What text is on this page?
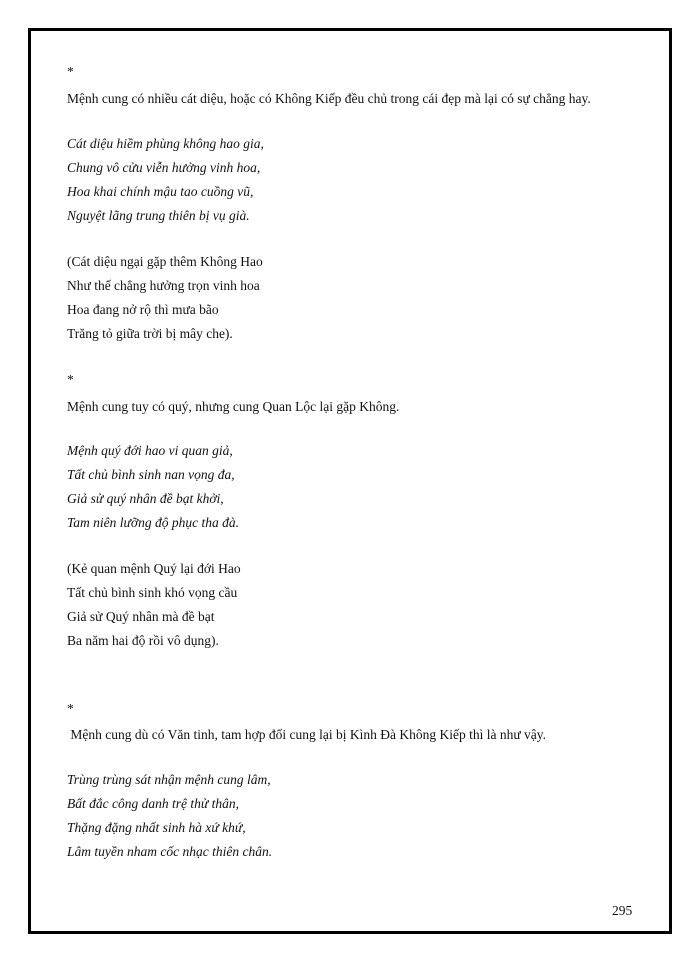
*
Mệnh cung có nhiều cát diệu, hoặc có Không Kiếp đều chủ trong cái đẹp mà lại có sự chẳng hay.
Cát diệu hiềm phùng không hao gia,
Chung vô cửu viễn hưởng vinh hoa,
Hoa khai chính mậu tao cuồng vũ,
Nguyệt lãng trung thiên bị vụ già.
(Cát diệu ngại gặp thêm Không Hao
Như thế chẳng hưởng trọn vinh hoa
Hoa đang nở rộ thì mưa bão
Trăng tỏ giữa trời bị mây che).
*
Mệnh cung tuy có quý, nhưng cung Quan Lộc lại gặp Không.
Mệnh quý đới hao vi quan giả,
Tất chủ bình sinh nan vọng đa,
Giả sử quý nhân đề bạt khởi,
Tam niên lưỡng độ phục tha đà.
(Kẻ quan mệnh Quý lại đới Hao
Tất chủ bình sinh khó vọng cầu
Giả sử Quý nhân mà đề bạt
Ba năm hai độ rồi vô dụng).
*
Mệnh cung dù có Văn tinh, tam hợp đối cung lại bị Kình Đà Không Kiếp thì là như vậy.
Trùng trùng sát nhận mệnh cung lâm,
Bất đắc công danh trệ thử thân,
Thặng đặng nhất sinh hà xứ khứ,
Lâm tuyền nham cốc nhạc thiên chân.
295
